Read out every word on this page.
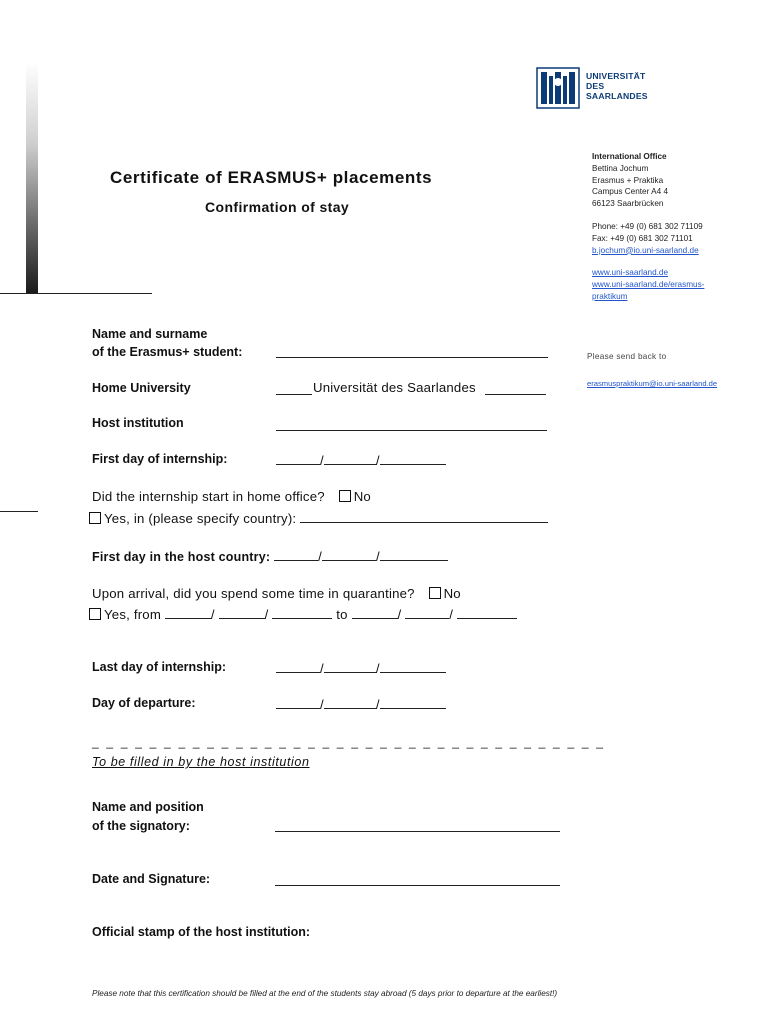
UNIVERSITÄT
DES
SAARLANDES
Certificate of ERASMUS+ placements
Confirmation of stay
International Office
Bettina Jochum
Erasmus + Praktika
Campus Center A4 4
66123 Saarbrücken
Phone: +49 (0) 681 302 71109
Fax: +49 (0) 681 302 71101
b.jochum@io.uni-saarland.de
www.uni-saarland.de
www.uni-saarland.de/erasmus-
praktikum
Please send back to
erasmuspraktikum@io.uni-saarland.de
Name and surname
of the Erasmus+ student:
Home University	Universität des Saarlandes
Host institution
First day of internship:	/	/
Did the internship start in home office? No
Yes, in (please specify country):
First day in the host country:	/	/
Upon arrival, did you spend some time in quarantine? No
Yes, from	/	/	to	/	/
Last day of internship:	/	/
Day of departure:	/	/
_ _ _ _ _ _ _ _ _ _ _ _ _ _ _ _ _ _ _ _ _ _ _ _ _ _ _ _ _ _ _ _ _ _ _ _
To be filled in by the host institution
Name and position
of the signatory:
Date and Signature:
Official stamp of the host institution:
Please note that this certification should be filled at the end of the students stay abroad (5 days prior to departure at the earliest!)
